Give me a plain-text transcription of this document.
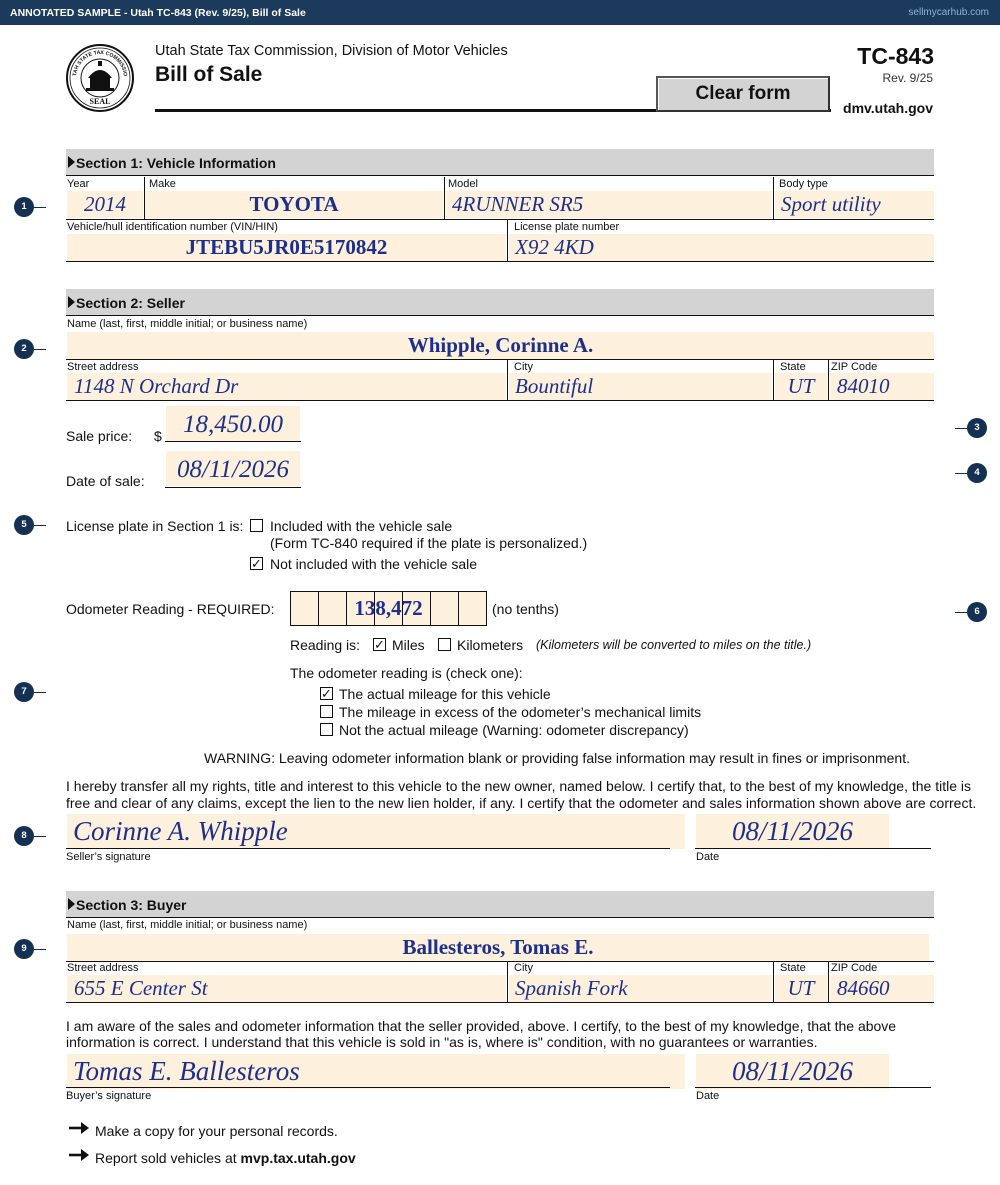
ANNOTATED SAMPLE - Utah TC-843 (Rev. 9/25), Bill of Sale	sellmycarhub.com
TAH STATE TAX COMMISSIO
SEAL
Utah State Tax Commission, Division of Motor Vehicles
Bill of Sale
Clear form
TC-843
Rev. 9/25
dmv.utah.gov
Section 1: Vehicle Information
Year	Make	Model	Body type
2014	TOYOTA	4RUNNER SR5	Sport utility
Vehicle/hull identification number (VIN/HIN)	License plate number
JTEBU5JR0E5170842	X92 4KD
Section 2: Seller
Name (last, first, middle initial; or business name)
Whipple, Corinne A.
Street address	City	State ZIP Code
1148 N Orchard Dr	Bountiful	UT	84010
Sale price: $ 18,450.00
Date of sale:	08/11/2026
License plate in Section 1 is: Included with the vehicle sale
(Form TC-840 required if the plate is personalized.)
✓ Not included with the vehicle sale
Odometer Reading - REQUIRED:	138,472	(no tenths)
Reading is: ✓ Miles Kilometers (Kilometers will be converted to miles on the title.)
The odometer reading is (check one):
✓ The actual mileage for this vehicle
The mileage in excess of the odometer’s mechanical limits
Not the actual mileage (Warning: odometer discrepancy)
WARNING: Leaving odometer information blank or providing false information may result in fines or imprisonment.
I hereby transfer all my rights, title and interest to this vehicle to the new owner, named below. I certify that, to the best of my knowledge, the title is
free and clear of any claims, except the lien to the new lien holder, if any. I certify that the odometer and sales information shown above are correct.
Corinne A. Whipple
Seller’s signature
08/11/2026
Date
Section 3: Buyer
Name (last, first, middle initial; or business name)
Ballesteros, Tomas E.
Street address	City	State ZIP Code
655 E Center St	Spanish Fork	UT	84660
I am aware of the sales and odometer information that the seller provided, above. I certify, to the best of my knowledge, that the above
information is correct. I understand that this vehicle is sold in "as is, where is" condition, with no guarantees or warranties.
Tomas E. Ballesteros
Buyer’s signature
08/11/2026
Date
Make a copy for your personal records.
Report sold vehicles at mvp.tax.utah.gov
1
2
3
4
5
6
7
8
9
